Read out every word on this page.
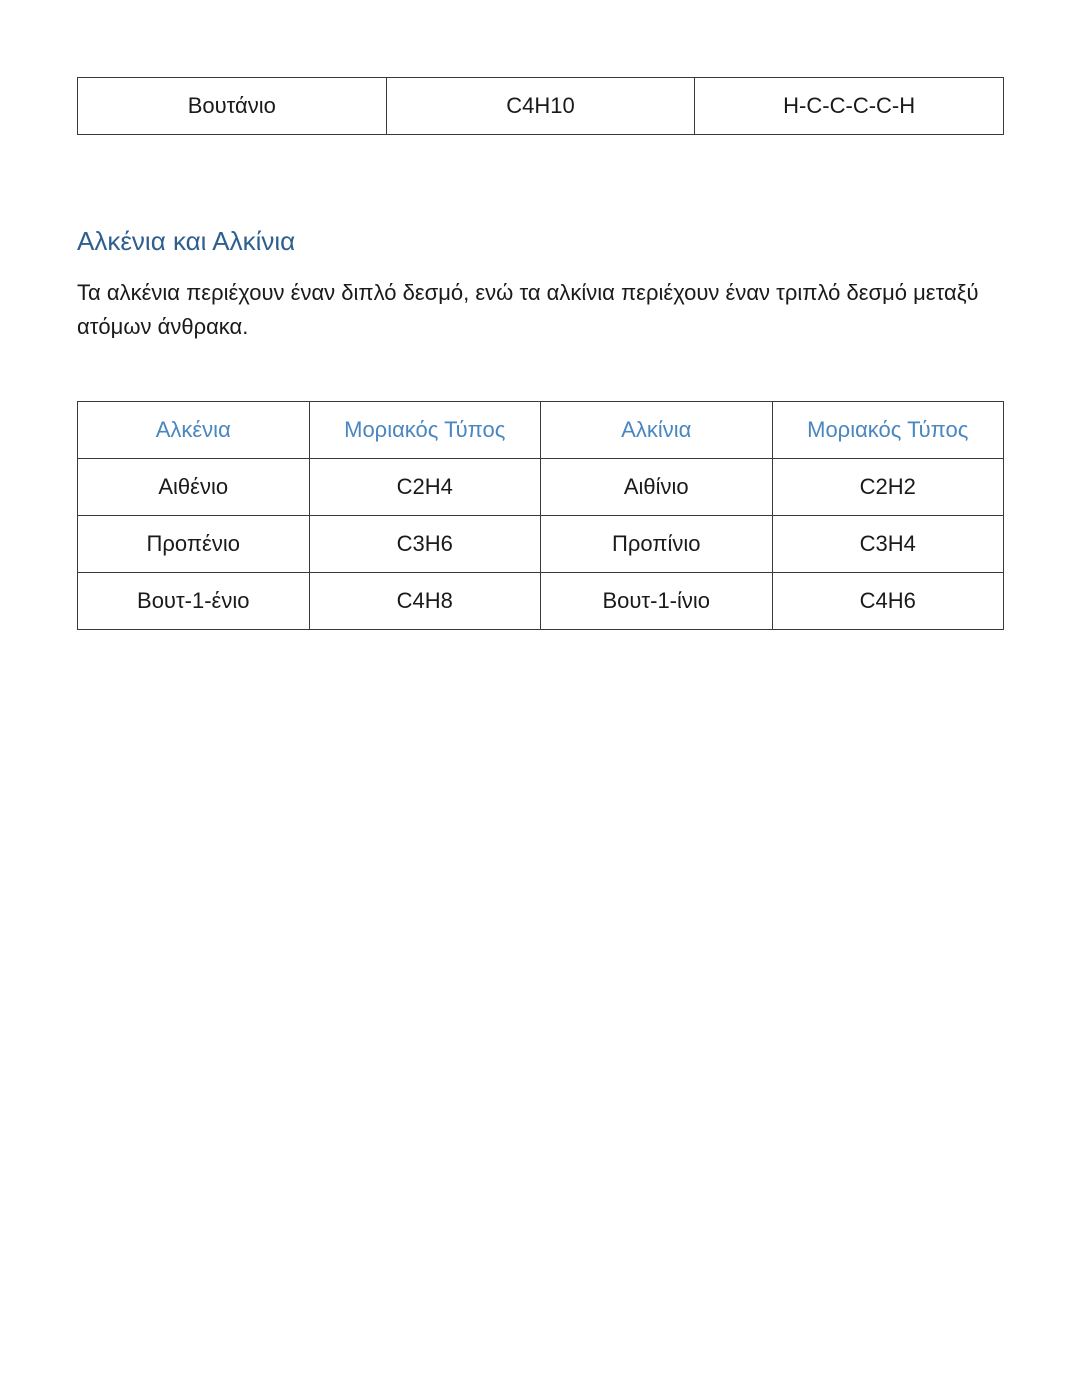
Βουτάνιο	C4H10	H-C-C-C-C-H
Αλκένια και Αλκίνια

Τα αλκένια περιέχουν έναν διπλό δεσμό, ενώ τα αλκίνια περιέχουν έναν τριπλό δεσμό μεταξύ ατόμων άνθρακα.

Αλκένια	Μοριακός Τύπος	Αλκίνια	Μοριακός Τύπος
Αιθένιο	C2H4	Αιθίνιο	C2H2
Προπένιο	C3H6	Προπίνιο	C3H4
Βουτ-1-ένιο	C4H8	Βουτ-1-ίνιο	C4H6
